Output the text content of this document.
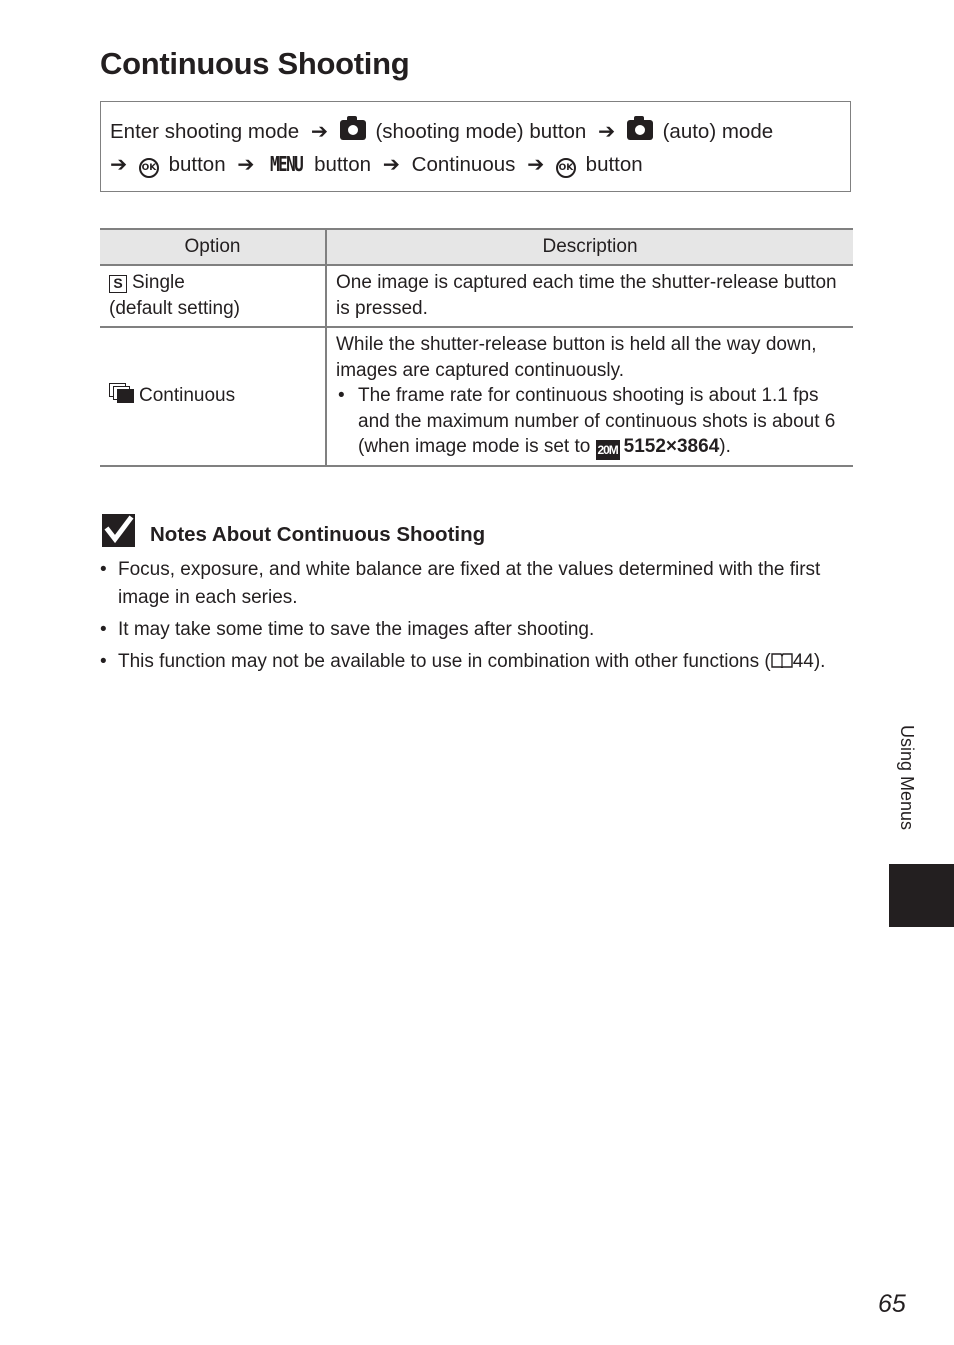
Continuous Shooting
Enter shooting mode ➔ (shooting mode) button ➔ (auto) mode
➔ OK button ➔ MENU button ➔ Continuous ➔ OK button
Option	Description
S Single
(default setting)	One image is captured each time the shutter-release button is pressed.

Continuous	While the shutter-release button is held all the way down, images are captured continuously.
• The frame rate for continuous shooting is about 1.1 fps and the maximum number of continuous shots is about 6 (when image mode is set to 20M 5152×3864).
Notes About Continuous Shooting
• Focus, exposure, and white balance are fixed at the values determined with the first image in each series.
• It may take some time to save the images after shooting.
• This function may not be available to use in combination with other functions ( 44).
Using Menus
65
